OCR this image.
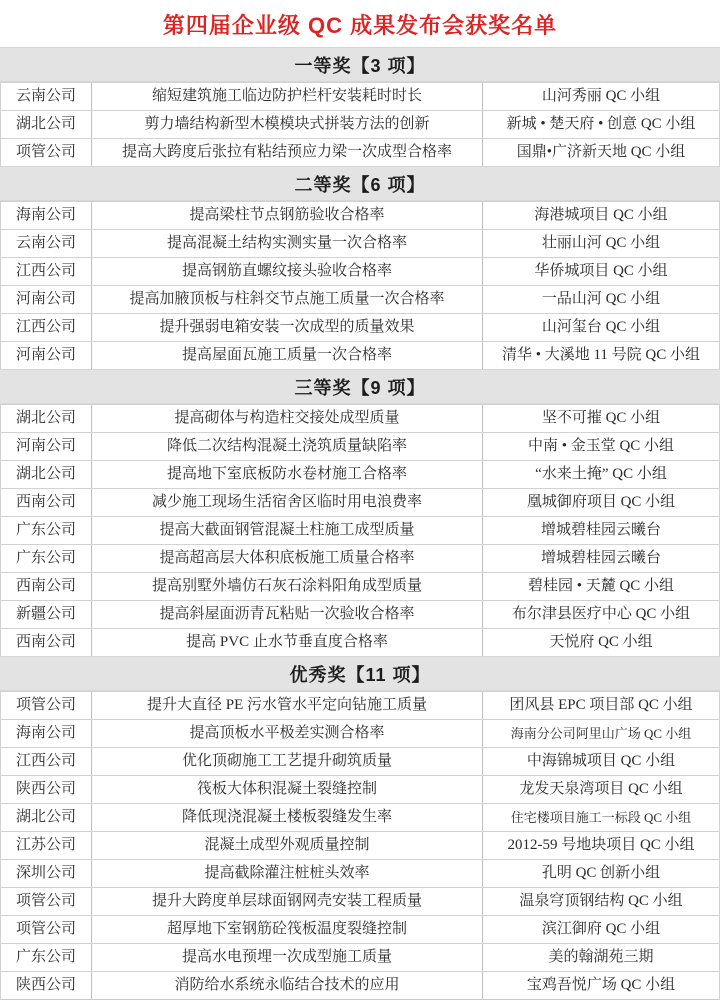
第四届企业级 QC 成果发布会获奖名单
一等奖【3 项】
云南公司	缩短建筑施工临边防护栏杆安装耗时时长	山河秀丽 QC 小组
湖北公司	剪力墙结构新型木模模块式拼装方法的创新	新城 • 楚天府 • 创意 QC 小组
项管公司	提高大跨度后张拉有粘结预应力梁一次成型合格率	国鼎•广济新天地 QC 小组
二等奖【6 项】
海南公司	提高梁柱节点钢筋验收合格率	海港城项目 QC 小组
云南公司	提高混凝土结构实测实量一次合格率	壮丽山河 QC 小组
江西公司	提高钢筋直螺纹接头验收合格率	华侨城项目 QC 小组
河南公司	提高加腋顶板与柱斜交节点施工质量一次合格率	一品山河 QC 小组
江西公司	提升强弱电箱安装一次成型的质量效果	山河玺台 QC 小组
河南公司	提高屋面瓦施工质量一次合格率	清华 • 大溪地 11 号院 QC 小组
三等奖【9 项】
湖北公司	提高砌体与构造柱交接处成型质量	坚不可摧 QC 小组
河南公司	降低二次结构混凝土浇筑质量缺陷率	中南 • 金玉堂 QC 小组
湖北公司	提高地下室底板防水卷材施工合格率	“水来土掩” QC 小组
西南公司	减少施工现场生活宿舍区临时用电浪费率	凰城御府项目 QC 小组
广东公司	提高大截面钢管混凝土柱施工成型质量	增城碧桂园云曦台
广东公司	提高超高层大体积底板施工质量合格率	增城碧桂园云曦台
西南公司	提高别墅外墙仿石灰石涂料阳角成型质量	碧桂园 • 天麓 QC 小组
新疆公司	提高斜屋面沥青瓦粘贴一次验收合格率	布尔津县医疗中心 QC 小组
西南公司	提高 PVC 止水节垂直度合格率	天悦府 QC 小组
优秀奖【11 项】
项管公司	提升大直径 PE 污水管水平定向钻施工质量	团风县 EPC 项目部 QC 小组
海南公司	提高顶板水平极差实测合格率	海南分公司阿里山广场 QC 小组
江西公司	优化顶砌施工工艺提升砌筑质量	中海锦城项目 QC 小组
陕西公司	筏板大体积混凝土裂缝控制	龙发天泉湾项目 QC 小组
湖北公司	降低现浇混凝土楼板裂缝发生率	住宅楼项目施工一标段 QC 小组
江苏公司	混凝土成型外观质量控制	2012-59 号地块项目 QC 小组
深圳公司	提高截除灌注桩桩头效率	孔明 QC 创新小组
项管公司	提升大跨度单层球面钢网壳安装工程质量	温泉穹顶钢结构 QC 小组
项管公司	超厚地下室钢筋砼筏板温度裂缝控制	滨江御府 QC 小组
广东公司	提高水电预埋一次成型施工质量	美的翰湖苑三期
陕西公司	消防给水系统永临结合技术的应用	宝鸡吾悦广场 QC 小组
